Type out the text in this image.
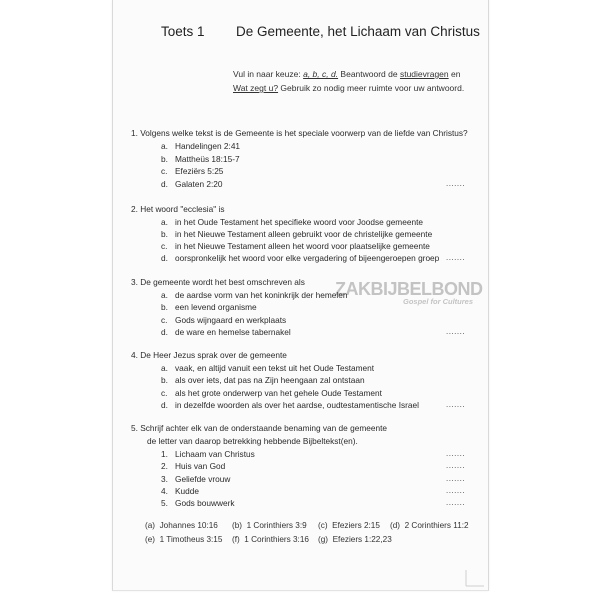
Toets 1 De Gemeente, het Lichaam van Christus
Vul in naar keuze: a, b, c, d. Beantwoord de studievragen en
Wat zegt u? Gebruik zo nodig meer ruimte voor uw antwoord.
1. Volgens welke tekst is de Gemeente is het speciale voorwerp van de liefde van Christus?
a. Handelingen 2:41
b. Mattheüs 18:15-7
c. Efeziërs 5:25
d. Galaten 2:20	.......
2. Het woord "ecclesia" is
a. in het Oude Testament het specifieke woord voor Joodse gemeente
b. in het Nieuwe Testament alleen gebruikt voor de christelijke gemeente
c. in het Nieuwe Testament alleen het woord voor plaatselijke gemeente
d. oorspronkelijk het woord voor elke vergadering of bijeengeroepen groep .......
ZAKBIJBELBOND
Gospel for Cultures
3. De gemeente wordt het best omschreven als
a. de aardse vorm van het koninkrijk der hemelen
b. een levend organisme
c. Gods wijngaard en werkplaats
d. de ware en hemelse tabernakel	.......
4. De Heer Jezus sprak over de gemeente
a. vaak, en altijd vanuit een tekst uit het Oude Testament
b. als over iets, dat pas na Zijn heengaan zal ontstaan
c. als het grote onderwerp van het gehele Oude Testament
d. in dezelfde woorden als over het aardse, oudtestamentische Israel	.......
5. Schrijf achter elk van de onderstaande benaming van de gemeente
de letter van daarop betrekking hebbende Bijbeltekst(en).
1. Lichaam van Christus	.......
2. Huis van God	.......
3. Geliefde vrouw	.......
4. Kudde	.......
5. Gods bouwwerk	.......
(a) Johannes 10:16 (b) 1 Corinthiers 3:9 (c) Efeziers 2:15 (d) 2 Corinthiers 11:2
(e) 1 Timotheus 3:15 (f) 1 Corinthiers 3:16 (g) Efeziers 1:22,23
